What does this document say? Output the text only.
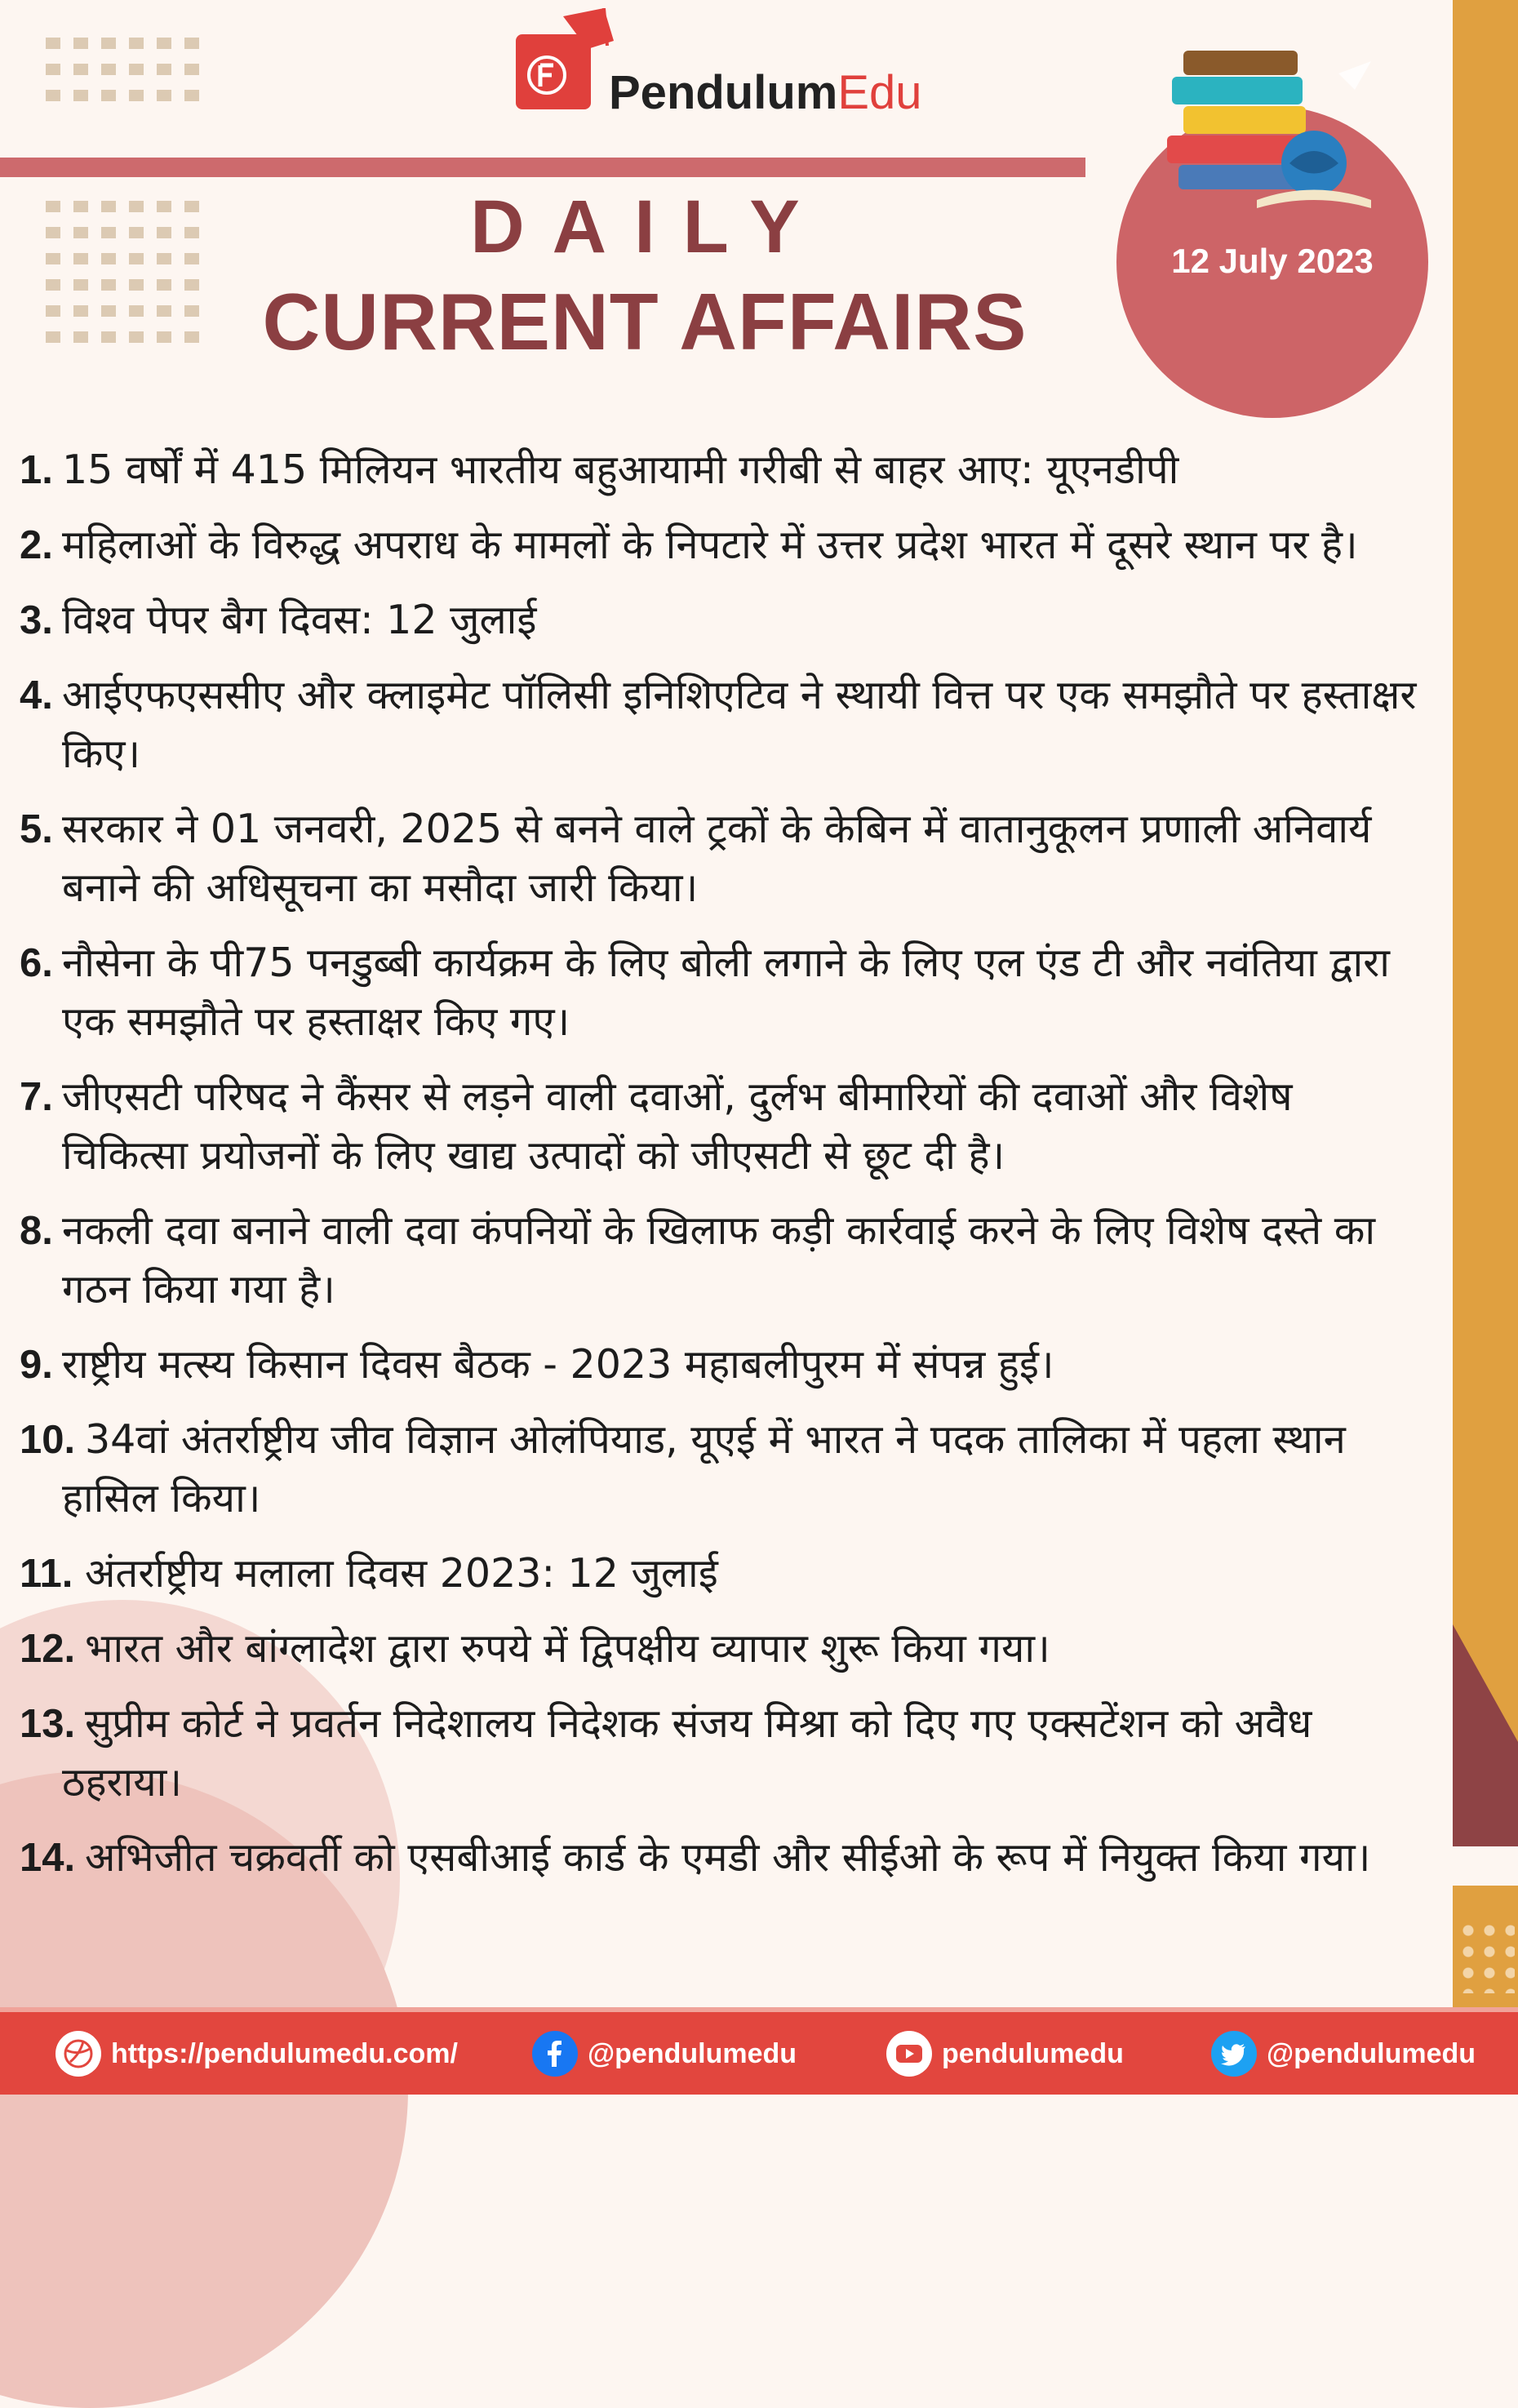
PendulumEdu
DAILY
CURRENT AFFAIRS
12 July 2023
1. 15 वर्षों में 415 मिलियन भारतीय बहुआयामी गरीबी से बाहर आए: यूएनडीपी
2. महिलाओं के विरुद्ध अपराध के मामलों के निपटारे में उत्तर प्रदेश भारत में दूसरे स्थान पर है।
3. विश्व पेपर बैग दिवस: 12 जुलाई
4. आईएफएससीए और क्लाइमेट पॉलिसी इनिशिएटिव ने स्थायी वित्त पर एक समझौते पर हस्ताक्षर किए।
5. सरकार ने 01 जनवरी, 2025 से बनने वाले ट्रकों के केबिन में वातानुकूलन प्रणाली अनिवार्य बनाने की अधिसूचना का मसौदा जारी किया।
6. नौसेना के पी75 पनडुब्बी कार्यक्रम के लिए बोली लगाने के लिए एल एंड टी और नवंतिया द्वारा एक समझौते पर हस्ताक्षर किए गए।
7. जीएसटी परिषद ने कैंसर से लड़ने वाली दवाओं, दुर्लभ बीमारियों की दवाओं और विशेष चिकित्सा प्रयोजनों के लिए खाद्य उत्पादों को जीएसटी से छूट दी है।
8. नकली दवा बनाने वाली दवा कंपनियों के खिलाफ कड़ी कार्रवाई करने के लिए विशेष दस्ते का गठन किया गया है।
9. राष्ट्रीय मत्स्य किसान दिवस बैठक - 2023 महाबलीपुरम में संपन्न हुई।
10. 34वां अंतर्राष्ट्रीय जीव विज्ञान ओलंपियाड, यूएई में भारत ने पदक तालिका में पहला स्थान हासिल किया।
11. अंतर्राष्ट्रीय मलाला दिवस 2023: 12 जुलाई
12. भारत और बांग्लादेश द्वारा रुपये में द्विपक्षीय व्यापार शुरू किया गया।
13. सुप्रीम कोर्ट ने प्रवर्तन निदेशालय निदेशक संजय मिश्रा को दिए गए एक्सटेंशन को अवैध ठहराया।
14. अभिजीत चक्रवर्ती को एसबीआई कार्ड के एमडी और सीईओ के रूप में नियुक्त किया गया।
https://pendulumedu.com/	@pendulumedu	pendulumedu	@pendulumedu
